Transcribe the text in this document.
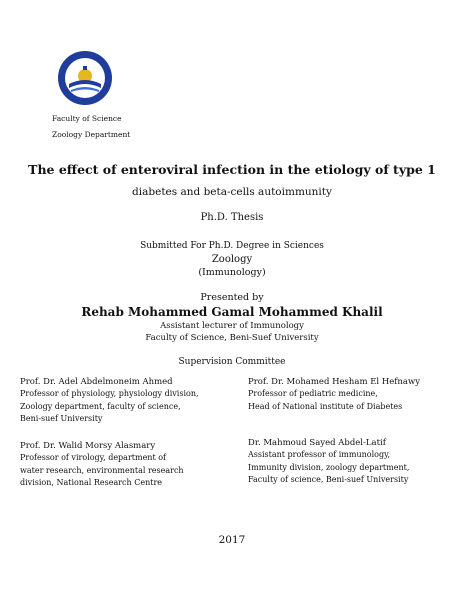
Faculty of Science
Zoology Department
The effect of enteroviral infection in the etiology of type 1
diabetes and beta-cells autoimmunity
Ph.D. Thesis
Submitted For Ph.D. Degree in Sciences
Zoology
(Immunology)
Presented by
Rehab Mohammed Gamal Mohammed Khalil
Assistant lecturer of Immunology
Faculty of Science, Beni-Suef University
Supervision Committee
Prof. Dr. Adel Abdelmoneim Ahmed
Professor of physiology, physiology division,
Zoology department, faculty of science,
Beni-suef University
Prof. Dr. Mohamed Hesham El Hefnawy
Professor of pediatric medicine,
Head of National institute of Diabetes
Prof. Dr. Walid Morsy Alasmary
Professor of virology, department of
water research, environmental research
division, National Research Centre
Dr. Mahmoud Sayed Abdel-Latif
Assistant professor of immunology,
Immunity division, zoology department,
Faculty of science, Beni-suef University
2017
